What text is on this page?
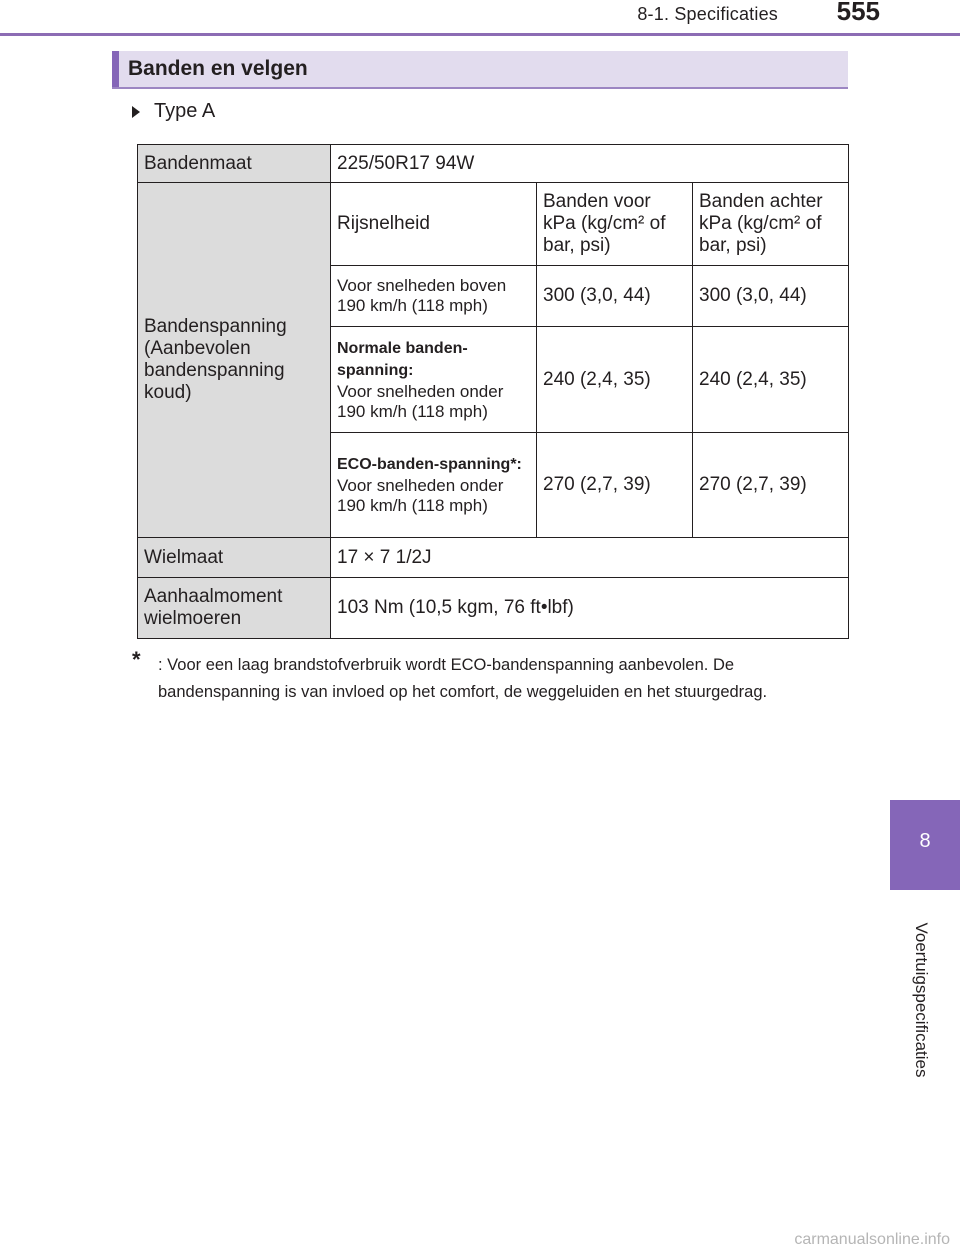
8-1. Specificaties 555
Banden en velgen
Type A
Bandenmaat	225/50R17 94W		
Bandenspanning (Aanbevolen bandenspanning koud)	Rijsnelheid	Banden voor kPa (kg/cm² of bar, psi)	Banden achter kPa (kg/cm² of bar, psi)

	Voor snelheden boven 190 km/h (118 mph)	300 (3,0, 44)	300 (3,0, 44)

	Normale banden-spanning:
Voor snelheden onder 190 km/h (118 mph)	240 (2,4, 35)	240 (2,4, 35)

	ECO-banden-spanning*:
Voor snelheden onder 190 km/h (118 mph)	270 (2,7, 39)	270 (2,7, 39)
Wielmaat	17 × 7 1/2J		
Aanhaalmoment wielmoeren	103 Nm (10,5 kgm, 76 ft•lbf)		
*	: Voor een laag brandstofverbruik wordt ECO-bandenspanning aanbevolen. De bandenspanning is van invloed op het comfort, de weggeluiden en het stuurgedrag.
8
Voertuigspecificaties
carmanualsonline.info
